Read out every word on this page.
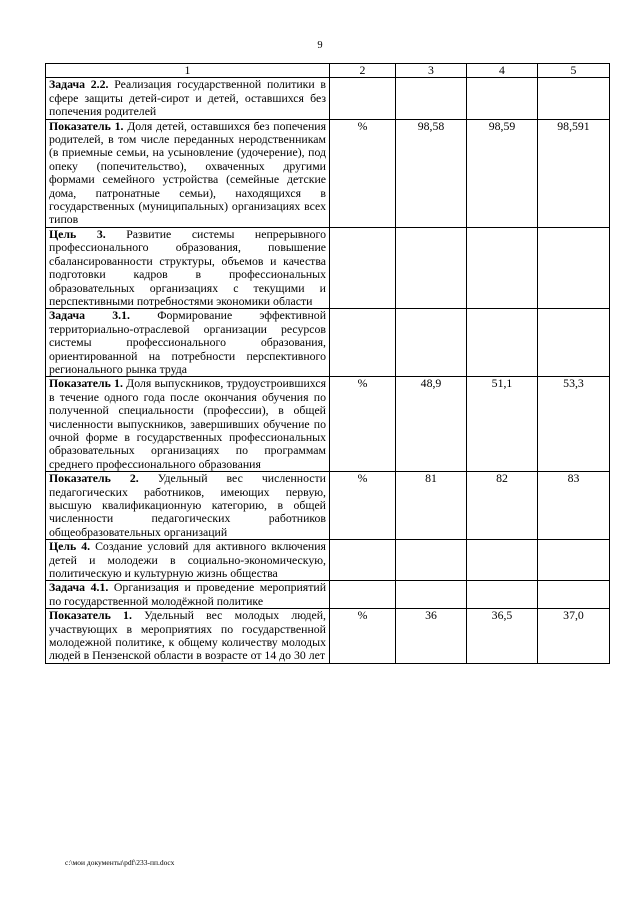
9
1	2	3	4	5
Задача 2.2. Реализация государственной политики в сфере защиты детей-сирот и детей, оставшихся без попечения родителей				
Показатель 1. Доля детей, оставшихся без попечения родителей, в том числе переданных неродственникам (в приемные семьи, на усыновление (удочерение), под опеку (попечительство), охваченных другими формами семейного устройства (семейные детские дома, патронатные семьи), находящихся в государственных (муниципальных) организациях всех типов	%	98,58	98,59	98,591
Цель 3. Развитие системы непрерывного профессионального образования, повышение сбалансированности структуры, объемов и качества подготовки кадров в профессиональных образовательных организациях с текущими и перспективными потребностями экономики области				
Задача 3.1. Формирование эффективной территориально-отраслевой организации ресурсов системы профессионального образования, ориентированной на потребности перспективного регионального рынка труда				
Показатель 1. Доля выпускников, трудоустроившихся в течение одного года после окончания обучения по полученной специальности (профессии), в общей численности выпускников, завершивших обучение по очной форме в государственных профессиональных образовательных организациях по программам среднего профессионального образования	%	48,9	51,1	53,3
Показатель 2. Удельный вес численности педагогических работников, имеющих первую, высшую квалификационную категорию, в общей численности педагогических работников общеобразовательных организаций	%	81	82	83
Цель 4. Создание условий для активного включения детей и молодежи в социально-экономическую, политическую и культурную жизнь общества				
Задача 4.1. Организация и проведение мероприятий по государственной молодёжной политике				
Показатель 1. Удельный вес молодых людей, участвующих в мероприятиях по государственной молодежной политике, к общему количеству молодых людей в Пензенской области в возрасте от 14 до 30 лет	%	36	36,5	37,0
c:\мои документы\pdf\233-пп.docx
